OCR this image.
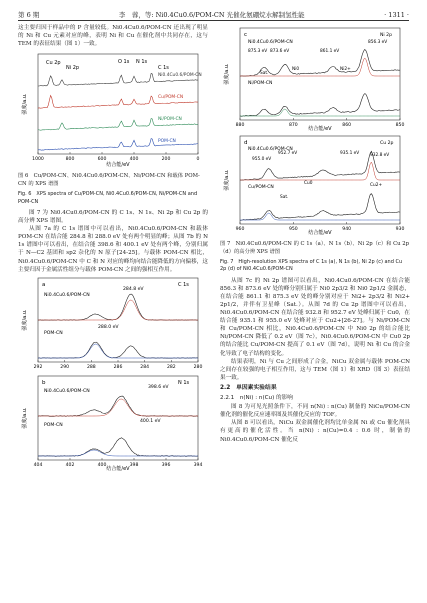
第 6 期	李　蓉，等: Ni0.4Cu0.6/POM-CN 光催化氨硼烷水解制氢性能	· 1311 ·

这主要归因于样品中的 P 含量较低。Ni0.4Cu0.6/POM-CN 还出现了明显的 Ni 和 Cu 元素对应的峰，表明 Ni 和 Cu 在催化剂中共同存在，这与 TEM 的表征结果（图 1）一致。

Cu 2p
Ni 2p
O 1s N 1s
C 1s
Ni0.4Cu0.6/POM-CN
Cu/POM-CN
Ni/POM-CN
POM-CN
1000	800	600	400	200	0
结合能/eV
强度/a.u.
图 6　Cu/POM-CN、Ni0.4Cu0.6/POM-CN、Ni/POM-CN 和载体 POM-CN 的 XPS 谱图
Fig. 6　XPS spectra of Cu/POM-CN, Ni0.4Cu0.6/POM-CN, Ni/POM-CN and POM-CN

图 7 为 Ni0.4Cu0.6/POM-CN 的 C 1s、N 1s、Ni 2p 和 Cu 2p 的高分辨 XPS 谱图。

从图 7a 的 C 1s 谱图中可以看出，Ni0.4Cu0.6/POM-CN 和载体 POM-CN 在结合能 284.8 和 288.0 eV 处有两个明显的峰；从图 7b 的 N 1s 谱图中可以看出，在结合能 398.6 和 400.1 eV 处有两个峰，分别归属于 N—C2 基团和 sp2 杂化的 N 原子[24-25]。与载体 POM-CN 相比，Ni0.4Cu0.6/POM-CN 中 C 和 N 对应的峰均向结合能降低的方向偏移，这主要归因于金属活性组分与载体 POM-CN 之间的强相互作用。

a	C 1s
Ni0.4Cu0.6/POM-CN
POM-CN
284.8 eV
288.0 eV
292	290	288	286	284	282	280
强度/a.u.
b	N 1s
Ni0.4Cu0.6/POM-CN
POM-CN
398.6 eV
400.1 eV
404	402	400	398	396	394
强度/a.u.
结合能/eV
c
Ni0.4Cu0.6/POM-CN
Ni/POM-CN
Ni 2p
856.3 eV
861.1 eV
875.3 eV 873.6 eV
Sat.
Ni0	Ni2+
880	870	860	850
强度/a.u.
结合能/eV
d
Ni0.4Cu0.6/POM-CN
Cu/POM-CN
Cu 2p
932.8 eV
935.1 eV
955.0 eV
952.7 eV
Sat.
Cu0	Cu2+
960	950	940	930
强度/a.u.
结合能/eV
图 7　Ni0.4Cu0.6/POM-CN 的 C 1s（a）、N 1s（b）、Ni 2p（c）和 Cu 2p（d）的高分辨 XPS 谱图
Fig. 7　High-resolution XPS spectra of C 1s (a), N 1s (b), Ni 2p (c) and Cu 2p (d) of Ni0.4Cu0.6/POM-CN

从图 7c 的 Ni 2p 谱图可以看出，Ni0.4Cu0.6/POM-CN 在结合能 856.3 和 873.6 eV 处的峰分别归属于 Ni0 2p3/2 和 Ni0 2p1/2 金属态，在结合能 861.1 和 875.3 eV 处的峰分别对应于 Ni2+ 2p3/2 和 Ni2+ 2p1/2，并伴有卫星峰（Sat.）。从图 7d 的 Cu 2p 谱图中可以看出，Ni0.4Cu0.6/POM-CN 在结合能 932.8 和 952.7 eV 处峰归属于 Cu0，在结合能 935.1 和 955.0 eV 处峰对应于 Cu2+[26-27]。与 Ni/POM-CN 和 Cu/POM-CN 相比，Ni0.4Cu0.6/POM-CN 中 Ni0 2p 的结合能比 Ni/POM-CN 降低了 0.2 eV（图 7c），Ni0.4Cu0.6/POM-CN 中 Cu0 2p 的结合能比 Cu/POM-CN 提高了 0.1 eV（图 7d），说明 Ni 和 Cu 的合金化导致了电子结构的变化。

结果表明，Ni 与 Cu 之间形成了合金，NiCu 双金属与载体 POM-CN 之间存在较强的电子相互作用，这与 TEM（图 1）和 XRD（图 3）表征结果一致。

2.2　单因素实验结果
2.2.1　n(Ni) : n(Cu) 的影响

图 8 为可见光照条件下，不同 n(Ni) : n(Cu) 制备的 NiCu/POM-CN 催化剂的催化反应速率图及其催化反应的 TOF。

从图 8 可以看出，NiCu 双金属催化剂均比单金属 Ni 或 Cu 催化剂具有更高的催化活性。当 n(Ni) : n(Cu)=0.4 : 0.6 时，制备的 Ni0.4Cu0.6/POM-CN 催化反
